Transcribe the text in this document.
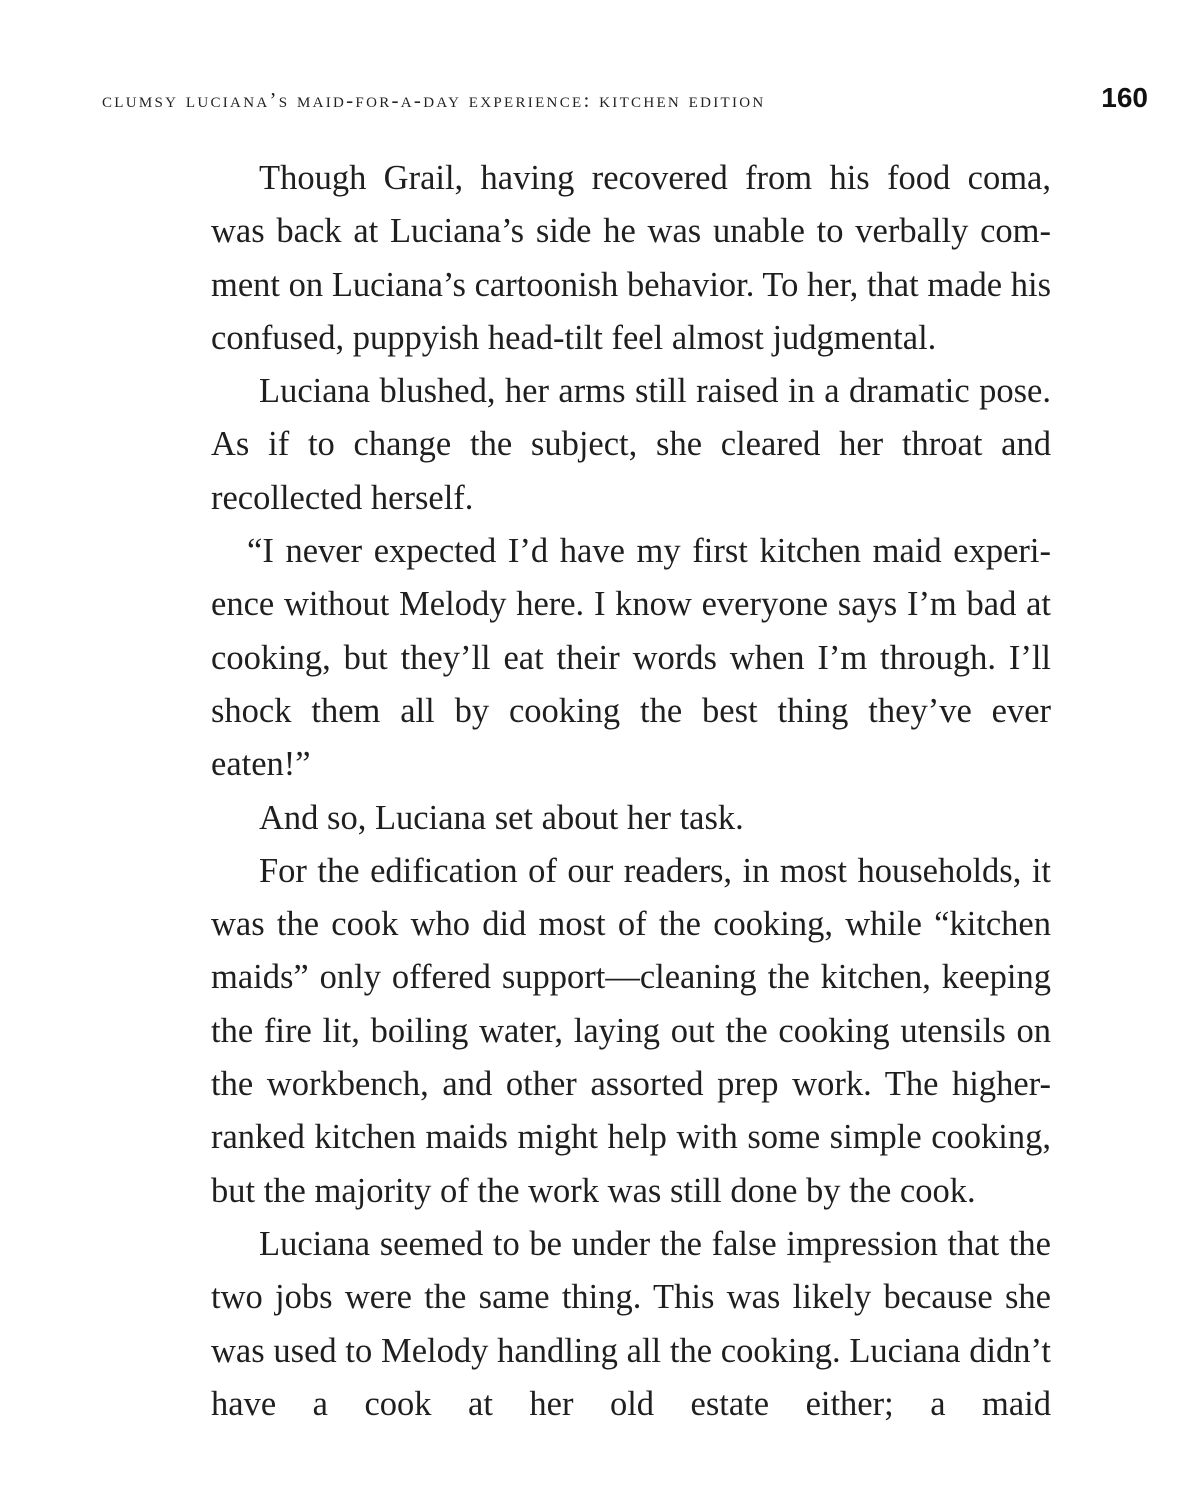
clumsy luciana’s maid-for-a-day experience: kitchen edition	160

Though Grail, having recovered from his food coma, was back at Luciana’s side he was unable to verbally comment on Luciana’s cartoonish behavior. To her, that made his confused, puppyish head-tilt feel almost judgmental.

Luciana blushed, her arms still raised in a dramatic pose. As if to change the subject, she cleared her throat and recollected herself.

“I never expected I’d have my first kitchen maid experience without Melody here. I know everyone says I’m bad at cooking, but they’ll eat their words when I’m through. I’ll shock them all by cooking the best thing they’ve ever eaten!”

And so, Luciana set about her task.

For the edification of our readers, in most households, it was the cook who did most of the cooking, while “kitchen maids” only offered support—cleaning the kitchen, keeping the fire lit, boiling water, laying out the cooking utensils on the workbench, and other assorted prep work. The higher-ranked kitchen maids might help with some simple cooking, but the majority of the work was still done by the cook.

Luciana seemed to be under the false impression that the two jobs were the same thing. This was likely because she was used to Melody handling all the cooking. Luciana didn’t have a cook at her old estate either; a maid
